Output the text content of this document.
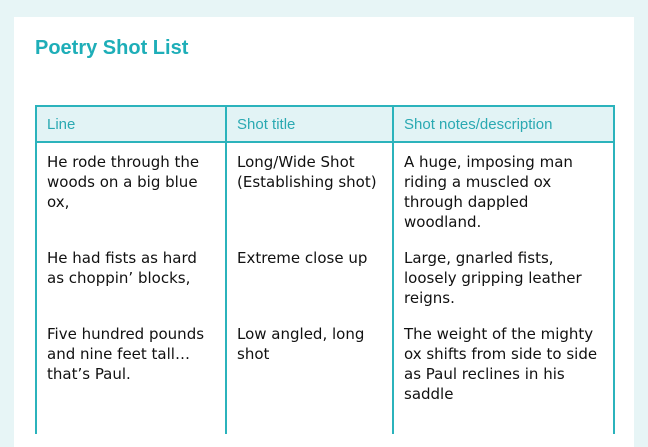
Poetry Shot List
Line	Shot title	Shot notes/description
He rode through the woods on a big blue ox,	Long/Wide Shot (Establishing shot)	A huge, imposing man riding a muscled ox through dappled woodland.
He had fists as hard as choppin’ blocks,	Extreme close up	Large, gnarled fists, loosely gripping leather reigns.
Five hundred pounds and nine feet tall… that’s Paul.	Low angled, long shot	The weight of the mighty ox shifts from side to side as Paul reclines in his saddle
